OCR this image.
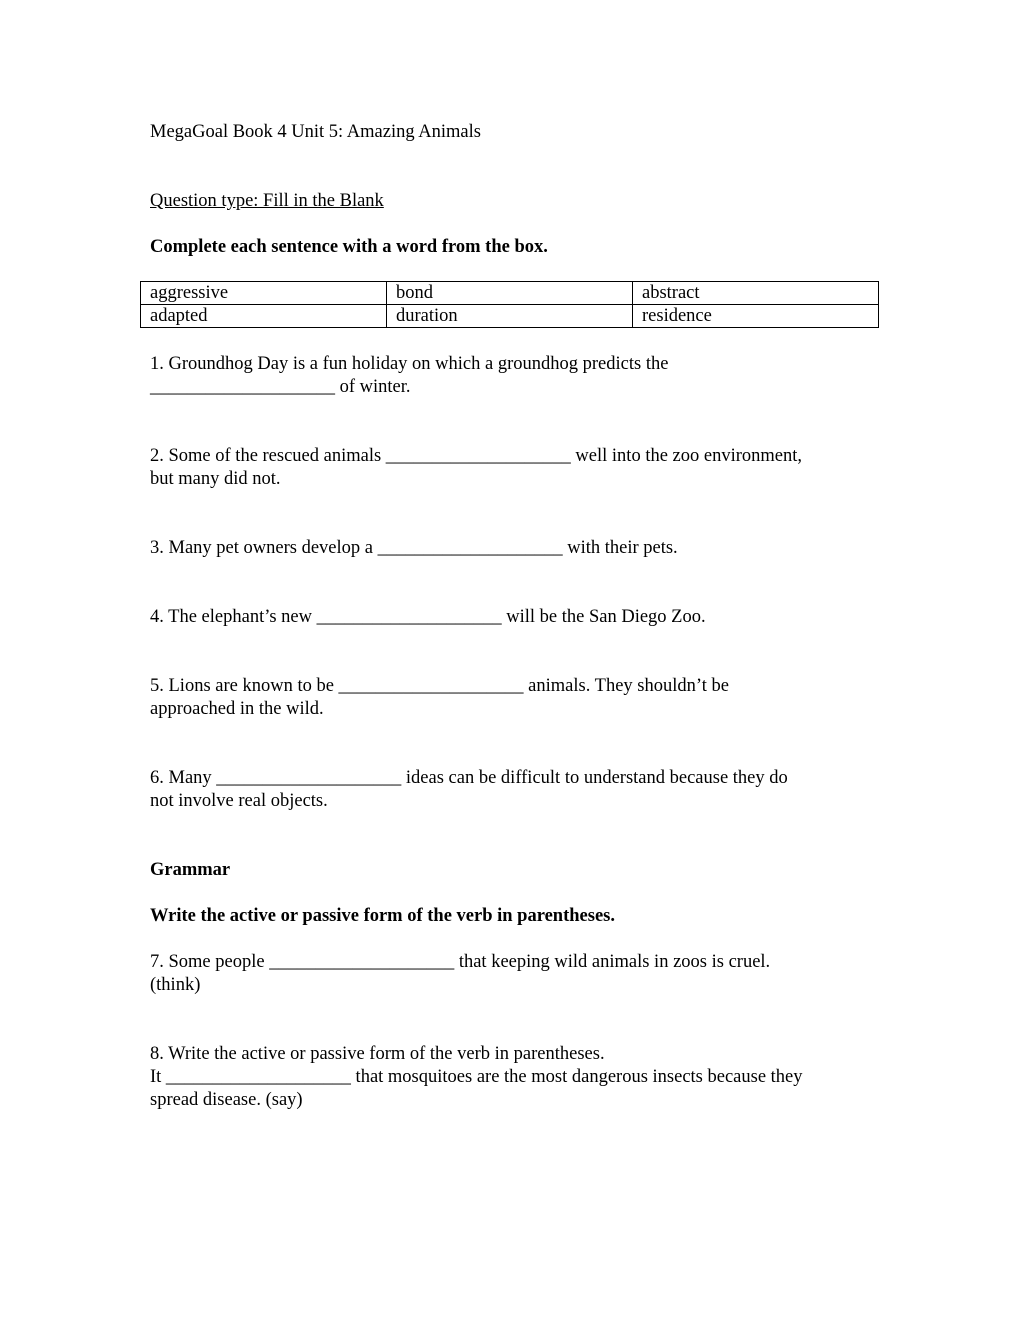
MegaGoal Book 4 Unit 5: Amazing Animals
Question type: Fill in the Blank
Complete each sentence with a word from the box.
aggressive	bond	abstract
adapted	duration	residence
1. Groundhog Day is a fun holiday on which a groundhog predicts the
____________________ of winter.
2. Some of the rescued animals ____________________ well into the zoo environment,
but many did not.
3. Many pet owners develop a ____________________ with their pets.
4. The elephant’s new ____________________ will be the San Diego Zoo.
5. Lions are known to be ____________________ animals. They shouldn’t be
approached in the wild.
6. Many ____________________ ideas can be difficult to understand because they do
not involve real objects.
Grammar
Write the active or passive form of the verb in parentheses.
7. Some people ____________________ that keeping wild animals in zoos is cruel.
(think)
8. Write the active or passive form of the verb in parentheses.
It ____________________ that mosquitoes are the most dangerous insects because they
spread disease. (say)
